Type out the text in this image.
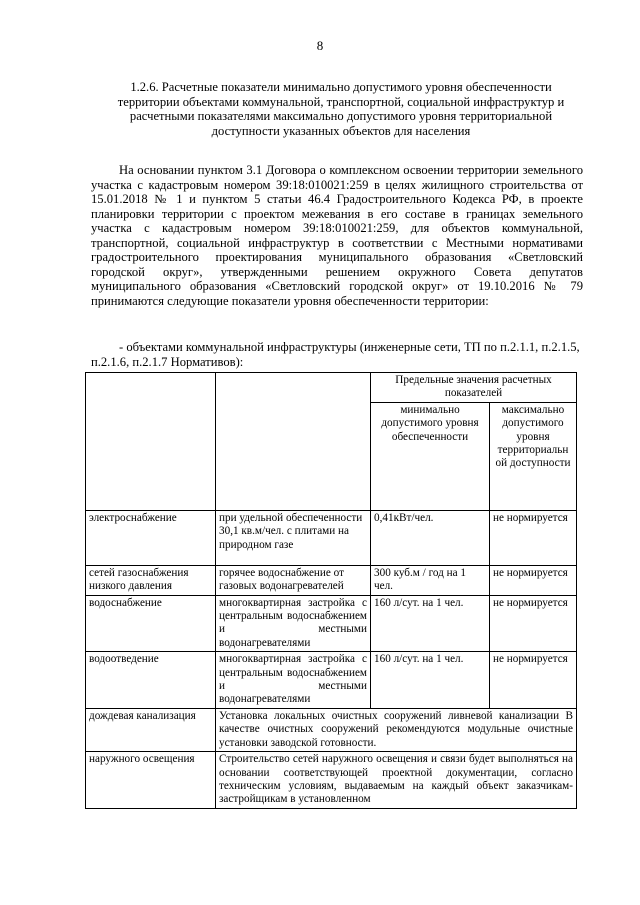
8
1.2.6. Расчетные показатели минимально допустимого уровня обеспеченности территории объектами коммунальной, транспортной, социальной инфраструктур и расчетными показателями максимально допустимого уровня территориальной доступности указанных объектов для населения
На основании пунктом 3.1 Договора о комплексном освоении территории земельного участка с кадастровым номером 39:18:010021:259 в целях жилищного строительства от 15.01.2018 № 1 и пунктом 5 статьи 46.4 Градостроительного Кодекса РФ, в проекте планировки территории с проектом межевания в его составе в границах земельного участка с кадастровым номером 39:18:010021:259, для объектов коммунальной, транспортной, социальной инфраструктур в соответствии с Местными нормативами градостроительного проектирования муниципального образования «Светловский городской округ», утвержденными решением окружного Совета депутатов муниципального образования «Светловский городской округ» от 19.10.2016 № 79 принимаются следующие показатели уровня обеспеченности территории:
- объектами коммунальной инфраструктуры (инженерные сети, ТП по п.2.1.1, п.2.1.5, п.2.1.6, п.2.1.7 Нормативов):
		Предельные значения расчетных показателей	
		минимально допустимого уровня обеспеченности	максимально допустимого уровня территориальн ой доступности
электроснабжение	при удельной обеспеченности 30,1 кв.м/чел. с плитами на природном газе	0,41кВт/чел.	не нормируется
сетей газоснабжения низкого давления	горячее водоснабжение от газовых водонагревателей	300 куб.м / год на 1 чел.	не нормируется
водоснабжение	многоквартирная застройка с центральным водоснабжением и местными водонагревателями	160 л/сут. на 1 чел.	не нормируется
водоотведение	многоквартирная застройка с центральным водоснабжением и местными водонагревателями	160 л/сут. на 1 чел.	не нормируется
дождевая канализация	Установка локальных очистных сооружений ливневой канализации В качестве очистных сооружений рекомендуются модульные очистные установки заводской готовности.		
наружного освещения	Строительство сетей наружного освещения и связи будет выполняться на основании соответствующей проектной документации, согласно техническим условиям, выдаваемым на каждый объект заказчикам-застройщикам в установленном		
